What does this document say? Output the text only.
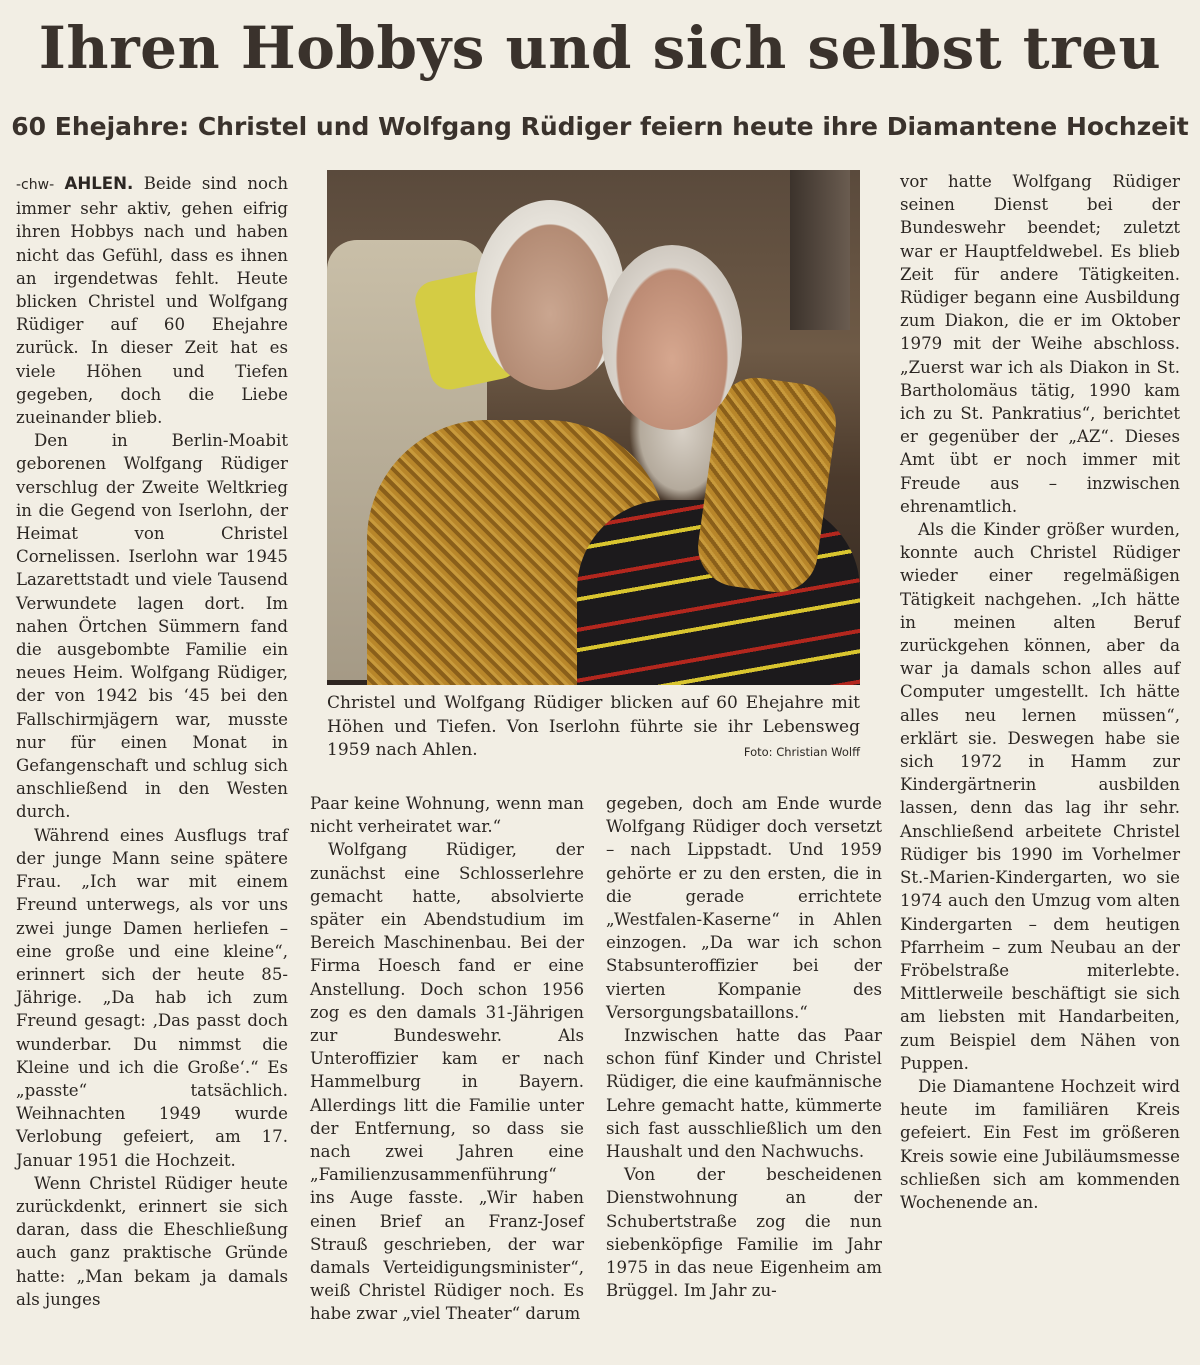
Ihren Hobbys und sich selbst treu
60 Ehejahre: Christel und Wolfgang Rüdiger feiern heute ihre Diamantene Hochzeit

-chw- AHLEN. Beide sind noch immer sehr aktiv, gehen eifrig ihren Hobbys nach und haben nicht das Gefühl, dass es ihnen an irgendetwas fehlt. Heute blicken Christel und Wolfgang Rüdiger auf 60 Ehejahre zurück. In dieser Zeit hat es viele Höhen und Tiefen gegeben, doch die Liebe zueinander blieb.

Den in Berlin-Moabit geborenen Wolfgang Rüdiger verschlug der Zweite Weltkrieg in die Gegend von Iserlohn, der Heimat von Christel Cornelissen. Iserlohn war 1945 Lazarettstadt und viele Tausend Verwundete lagen dort. Im nahen Örtchen Sümmern fand die ausgebombte Familie ein neues Heim. Wolfgang Rüdiger, der von 1942 bis ‘45 bei den Fallschirmjägern war, musste nur für einen Monat in Gefangenschaft und schlug sich anschließend in den Westen durch.

Während eines Ausflugs traf der junge Mann seine spätere Frau. „Ich war mit einem Freund unterwegs, als vor uns zwei junge Damen herliefen – eine große und eine kleine“, erinnert sich der heute 85-Jährige. „Da hab ich zum Freund gesagt: ‚Das passt doch wunderbar. Du nimmst die Kleine und ich die Große‘.“ Es „passte“ tatsächlich. Weihnachten 1949 wurde Verlobung gefeiert, am 17. Januar 1951 die Hochzeit.

Wenn Christel Rüdiger heute zurückdenkt, erinnert sie sich daran, dass die Eheschließung auch ganz praktische Gründe hatte: „Man bekam ja damals als junges

Christel und Wolfgang Rüdiger blicken auf 60 Ehejahre mit Höhen und Tiefen. Von Iserlohn führte sie ihr Lebensweg 1959 nach Ahlen.	Foto: Christian Wolff

Paar keine Wohnung, wenn man nicht verheiratet war.“

Wolfgang Rüdiger, der zunächst eine Schlosserlehre gemacht hatte, absolvierte später ein Abendstudium im Bereich Maschinenbau. Bei der Firma Hoesch fand er eine Anstellung. Doch schon 1956 zog es den damals 31-Jährigen zur Bundeswehr. Als Unteroffizier kam er nach Hammelburg in Bayern. Allerdings litt die Familie unter der Entfernung, so dass sie nach zwei Jahren eine „Familienzusammenführung“ ins Auge fasste. „Wir haben einen Brief an Franz-Josef Strauß geschrieben, der war damals Verteidigungsminister“, weiß Christel Rüdiger noch. Es habe zwar „viel Theater“ darum

gegeben, doch am Ende wurde Wolfgang Rüdiger doch versetzt – nach Lippstadt. Und 1959 gehörte er zu den ersten, die in die gerade errichtete „Westfalen-Kaserne“ in Ahlen einzogen. „Da war ich schon Stabsunteroffizier bei der vierten Kompanie des Versorgungsbataillons.“

Inzwischen hatte das Paar schon fünf Kinder und Christel Rüdiger, die eine kaufmännische Lehre gemacht hatte, kümmerte sich fast ausschließlich um den Haushalt und den Nachwuchs.

Von der bescheidenen Dienstwohnung an der Schubertstraße zog die nun siebenköpfige Familie im Jahr 1975 in das neue Eigenheim am Brüggel. Im Jahr zu-

vor hatte Wolfgang Rüdiger seinen Dienst bei der Bundeswehr beendet; zuletzt war er Hauptfeldwebel. Es blieb Zeit für andere Tätigkeiten. Rüdiger begann eine Ausbildung zum Diakon, die er im Oktober 1979 mit der Weihe abschloss. „Zuerst war ich als Diakon in St. Bartholomäus tätig, 1990 kam ich zu St. Pankratius“, berichtet er gegenüber der „AZ“. Dieses Amt übt er noch immer mit Freude aus – inzwischen ehrenamtlich.

Als die Kinder größer wurden, konnte auch Christel Rüdiger wieder einer regelmäßigen Tätigkeit nachgehen. „Ich hätte in meinen alten Beruf zurückgehen können, aber da war ja damals schon alles auf Computer umgestellt. Ich hätte alles neu lernen müssen“, erklärt sie. Deswegen habe sie sich 1972 in Hamm zur Kindergärtnerin ausbilden lassen, denn das lag ihr sehr. Anschließend arbeitete Christel Rüdiger bis 1990 im Vorhelmer St.-Marien-Kindergarten, wo sie 1974 auch den Umzug vom alten Kindergarten – dem heutigen Pfarrheim – zum Neubau an der Fröbelstraße miterlebte. Mittlerweile beschäftigt sie sich am liebsten mit Handarbeiten, zum Beispiel dem Nähen von Puppen.

Die Diamantene Hochzeit wird heute im familiären Kreis gefeiert. Ein Fest im größeren Kreis sowie eine Jubiläumsmesse schließen sich am kommenden Wochenende an.
